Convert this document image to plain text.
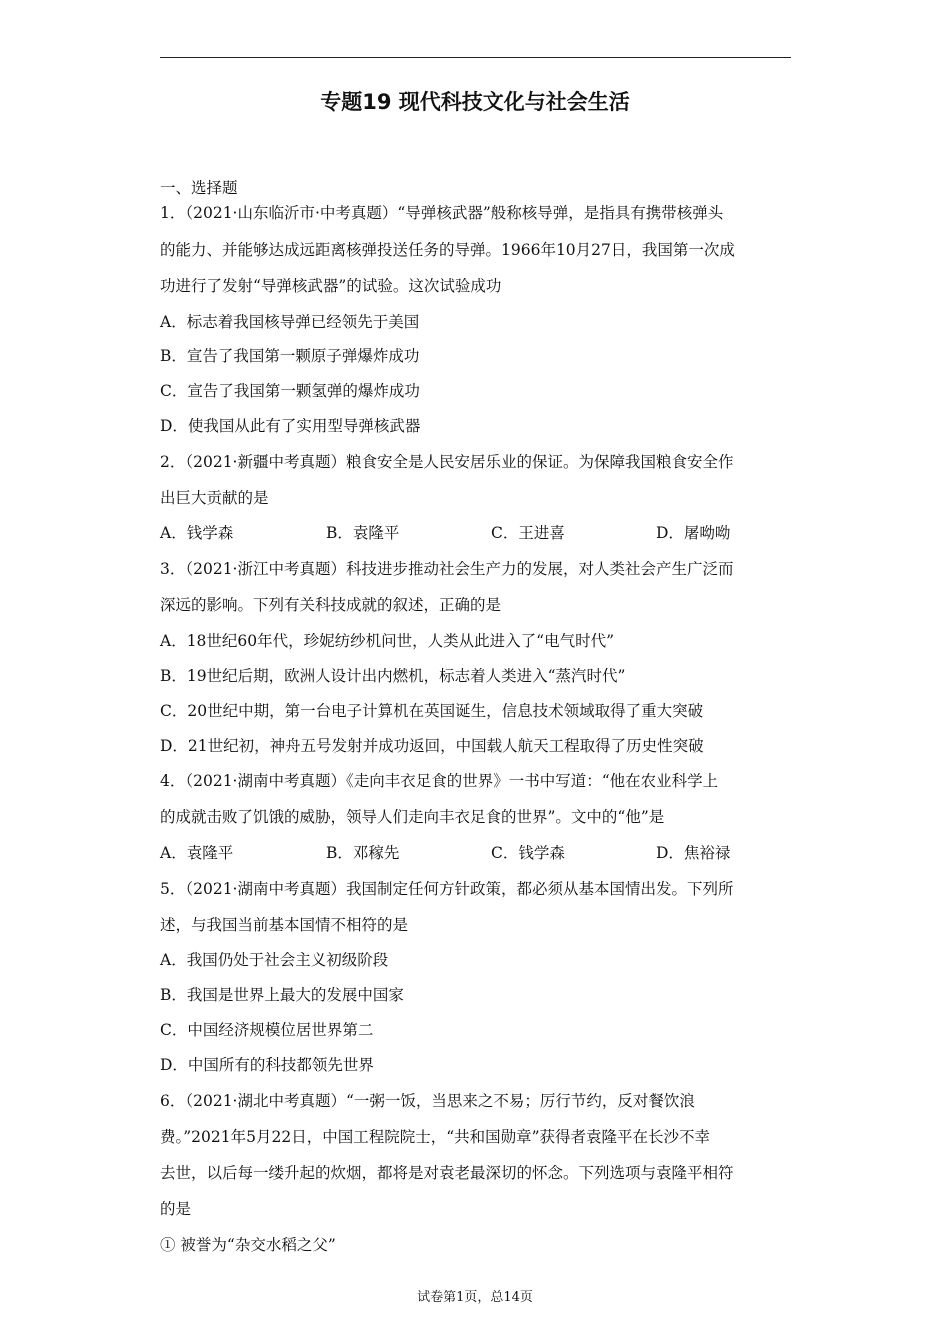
专题19 现代科技文化与社会生活
一、选择题
1．（2021·山东临沂市·中考真题）“导弹核武器”般称核导弹，是指具有携带核弹头
的能力、并能够达成远距离核弹投送任务的导弹。1966年10月27日，我国第一次成
功进行了发射“导弹核武器”的试验。这次试验成功
A．标志着我国核导弹已经领先于美国
B．宣告了我国第一颗原子弹爆炸成功
C．宣告了我国第一颗氢弹的爆炸成功
D．使我国从此有了实用型导弹核武器
2．（2021·新疆中考真题）粮食安全是人民安居乐业的保证。为保障我国粮食安全作
出巨大贡献的是
A．钱学森	B．袁隆平	C．王进喜	D．屠呦呦
3．（2021·浙江中考真题）科技进步推动社会生产力的发展，对人类社会产生广泛而
深远的影响。下列有关科技成就的叙述，正确的是
A．18世纪60年代，珍妮纺纱机问世，人类从此进入了“电气时代”
B．19世纪后期，欧洲人设计出内燃机，标志着人类进入“蒸汽时代”
C．20世纪中期，第一台电子计算机在英国诞生，信息技术领域取得了重大突破
D．21世纪初，神舟五号发射并成功返回，中国载人航天工程取得了历史性突破
4．（2021·湖南中考真题）《走向丰衣足食的世界》一书中写道：“他在农业科学上
的成就击败了饥饿的威胁，领导人们走向丰衣足食的世界”。文中的“他”是
A．袁隆平	B．邓稼先	C．钱学森	D．焦裕禄
5．（2021·湖南中考真题）我国制定任何方针政策，都必须从基本国情出发。下列所
述，与我国当前基本国情不相符的是
A．我国仍处于社会主义初级阶段
B．我国是世界上最大的发展中国家
C．中国经济规模位居世界第二
D．中国所有的科技都领先世界
6．（2021·湖北中考真题）“一粥一饭，当思来之不易；厉行节约，反对餐饮浪
费。”2021年5月22日，中国工程院院士，“共和国勋章”获得者袁隆平在长沙不幸
去世，以后每一缕升起的炊烟，都将是对袁老最深切的怀念。下列选项与袁隆平相符
的是
① 被誉为“杂交水稻之父”
试卷第1页，总14页
